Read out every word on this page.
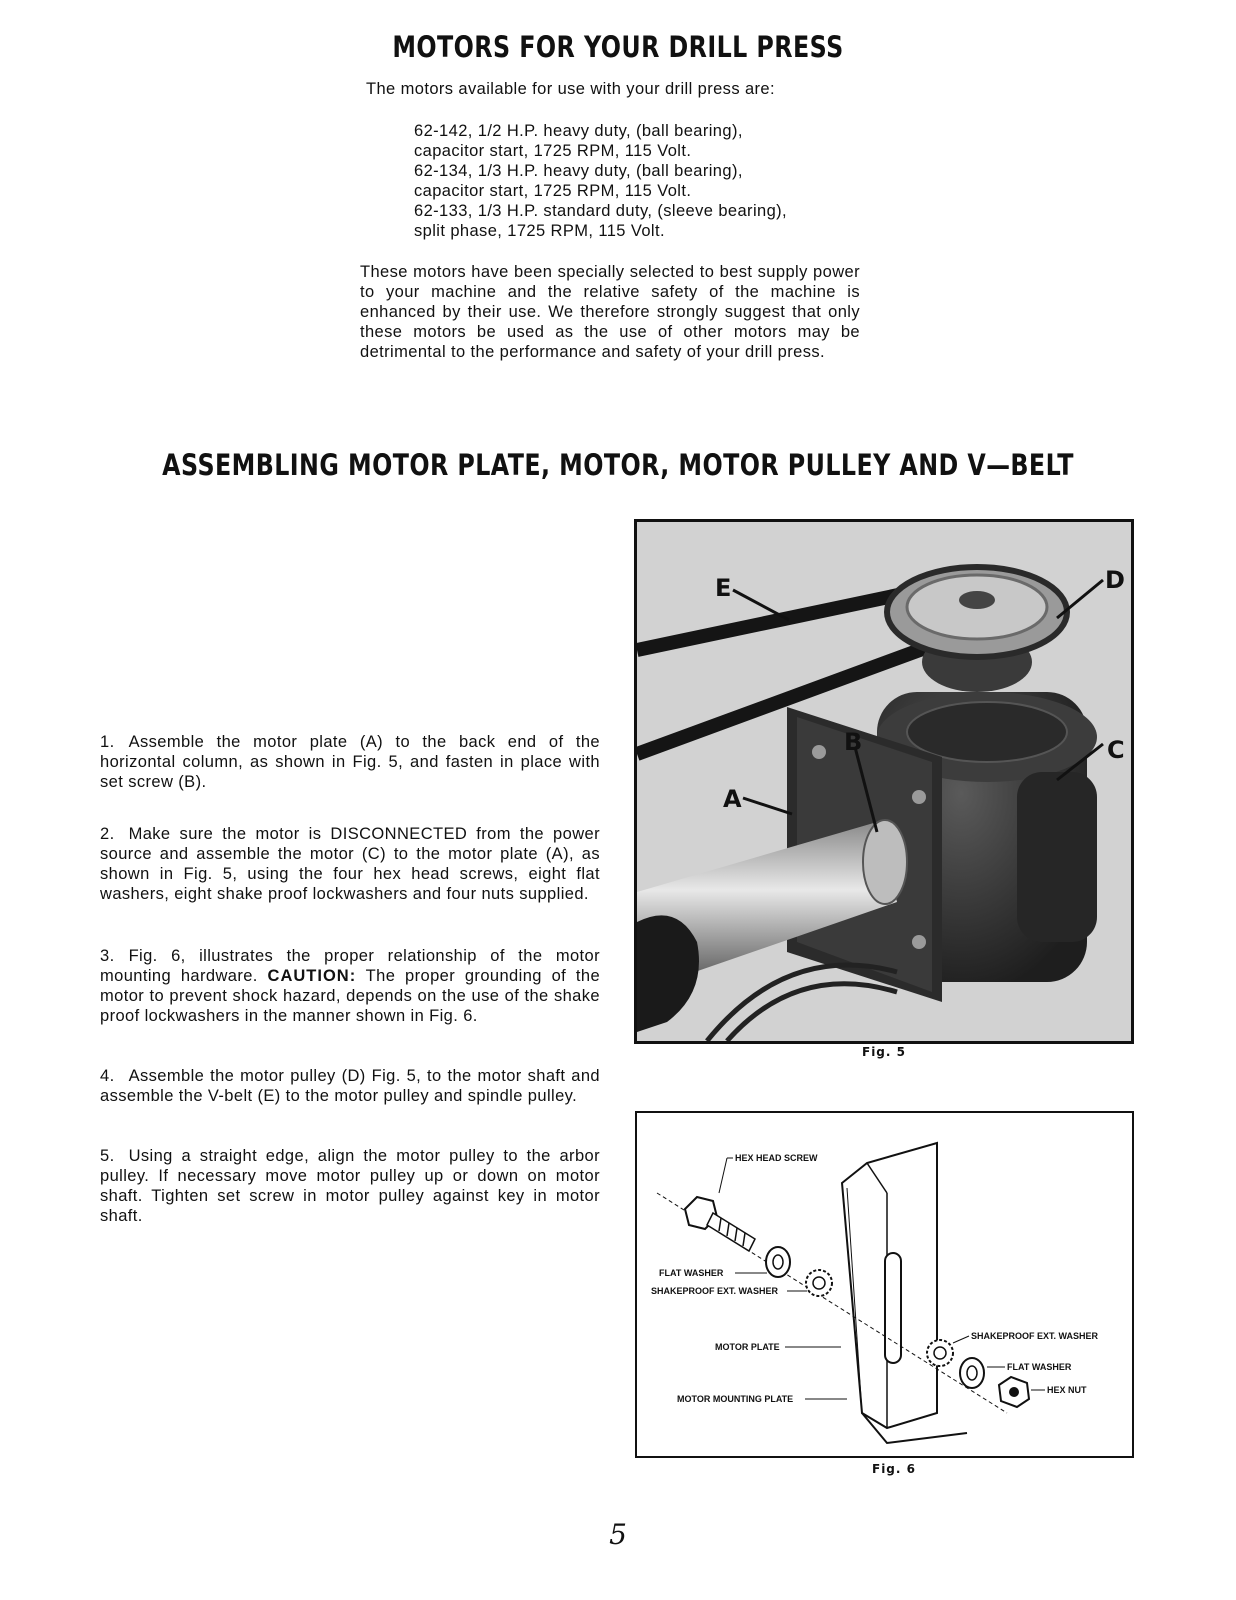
MOTORS FOR YOUR DRILL PRESS
The motors available for use with your drill press are:
62-142, 1/2 H.P. heavy duty, (ball bearing),
capacitor start, 1725 RPM, 115 Volt.
62-134, 1/3 H.P. heavy duty, (ball bearing),
capacitor start, 1725 RPM, 115 Volt.
62-133, 1/3 H.P. standard duty, (sleeve bearing),
split phase, 1725 RPM, 115 Volt.
These motors have been specially selected to best supply power to your machine and the relative safety of the machine is enhanced by their use. We therefore strongly suggest that only these motors be used as the use of other motors may be detrimental to the performance and safety of your drill press.
ASSEMBLING MOTOR PLATE, MOTOR, MOTOR PULLEY AND V—BELT
1. Assemble the motor plate (A) to the back end of the horizontal column, as shown in Fig. 5, and fasten in place with set screw (B).
2. Make sure the motor is DISCONNECTED from the power source and assemble the motor (C) to the motor plate (A), as shown in Fig. 5, using the four hex head screws, eight flat washers, eight shake proof lockwashers and four nuts supplied.
3. Fig. 6, illustrates the proper relationship of the motor mounting hardware. CAUTION: The proper grounding of the motor to prevent shock hazard, depends on the use of the shake proof lockwashers in the manner shown in Fig. 6.
4. Assemble the motor pulley (D) Fig. 5, to the motor shaft and assemble the V-belt (E) to the motor pulley and spindle pulley.
5. Using a straight edge, align the motor pulley to the arbor pulley. If necessary move motor pulley up or down on motor shaft. Tighten set screw in motor pulley against key in motor shaft.
E	D
B	C
A
Fig. 5
HEX HEAD SCREW
FLAT WASHER
SHAKEPROOF EXT. WASHER
MOTOR PLATE
MOTOR MOUNTING PLATE
SHAKEPROOF EXT. WASHER
FLAT WASHER
HEX NUT
Fig. 6
5
